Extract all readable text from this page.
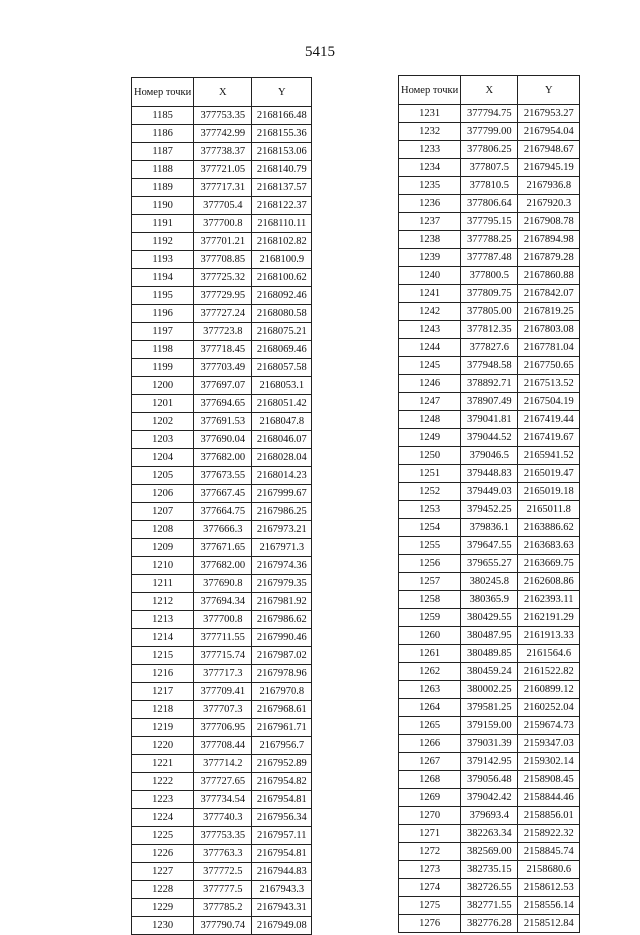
5415
Номер точки	X	Y
1185	377753.35	2168166.48
1186	377742.99	2168155.36
1187	377738.37	2168153.06
1188	377721.05	2168140.79
1189	377717.31	2168137.57
1190	377705.4	2168122.37
1191	377700.8	2168110.11
1192	377701.21	2168102.82
1193	377708.85	2168100.9
1194	377725.32	2168100.62
1195	377729.95	2168092.46
1196	377727.24	2168080.58
1197	377723.8	2168075.21
1198	377718.45	2168069.46
1199	377703.49	2168057.58
1200	377697.07	2168053.1
1201	377694.65	2168051.42
1202	377691.53	2168047.8
1203	377690.04	2168046.07
1204	377682.00	2168028.04
1205	377673.55	2168014.23
1206	377667.45	2167999.67
1207	377664.75	2167986.25
1208	377666.3	2167973.21
1209	377671.65	2167971.3
1210	377682.00	2167974.36
1211	377690.8	2167979.35
1212	377694.34	2167981.92
1213	377700.8	2167986.62
1214	377711.55	2167990.46
1215	377715.74	2167987.02
1216	377717.3	2167978.96
1217	377709.41	2167970.8
1218	377707.3	2167968.61
1219	377706.95	2167961.71
1220	377708.44	2167956.7
1221	377714.2	2167952.89
1222	377727.65	2167954.82
1223	377734.54	2167954.81
1224	377740.3	2167956.34
1225	377753.35	2167957.11
1226	377763.3	2167954.81
1227	377772.5	2167944.83
1228	377777.5	2167943.3
1229	377785.2	2167943.31
1230	377790.74	2167949.08
Номер точки	X	Y
1231	377794.75	2167953.27
1232	377799.00	2167954.04
1233	377806.25	2167948.67
1234	377807.5	2167945.19
1235	377810.5	2167936.8
1236	377806.64	2167920.3
1237	377795.15	2167908.78
1238	377788.25	2167894.98
1239	377787.48	2167879.28
1240	377800.5	2167860.88
1241	377809.75	2167842.07
1242	377805.00	2167819.25
1243	377812.35	2167803.08
1244	377827.6	2167781.04
1245	377948.58	2167750.65
1246	378892.71	2167513.52
1247	378907.49	2167504.19
1248	379041.81	2167419.44
1249	379044.52	2167419.67
1250	379046.5	2165941.52
1251	379448.83	2165019.47
1252	379449.03	2165019.18
1253	379452.25	2165011.8
1254	379836.1	2163886.62
1255	379647.55	2163683.63
1256	379655.27	2163669.75
1257	380245.8	2162608.86
1258	380365.9	2162393.11
1259	380429.55	2162191.29
1260	380487.95	2161913.33
1261	380489.85	2161564.6
1262	380459.24	2161522.82
1263	380002.25	2160899.12
1264	379581.25	2160252.04
1265	379159.00	2159674.73
1266	379031.39	2159347.03
1267	379142.95	2159302.14
1268	379056.48	2158908.45
1269	379042.42	2158844.46
1270	379693.4	2158856.01
1271	382263.34	2158922.32
1272	382569.00	2158845.74
1273	382735.15	2158680.6
1274	382726.55	2158612.53
1275	382771.55	2158556.14
1276	382776.28	2158512.84
